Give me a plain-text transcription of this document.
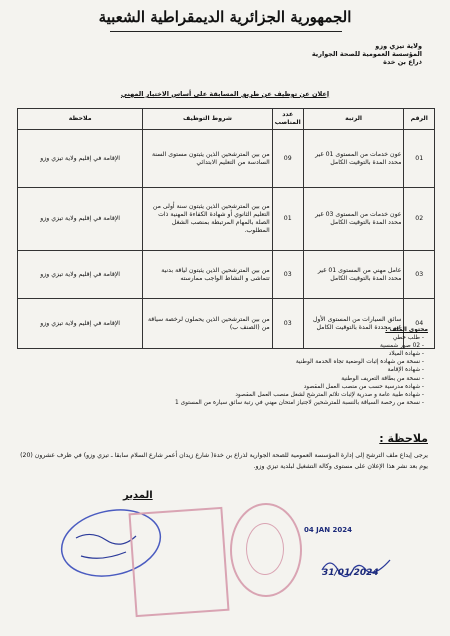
الجمهورية الجزائرية الديمقراطية الشعبية
ولاية تيزي وزو
المؤسسة العمومية للصحة الجوارية
ذراع بن خدة
إعلان عن توظيف عن طريق المسابقة على أساس الاختبار المهني
الرقم	الرتبة	عدد المناصب	شروط التوظيف	ملاحظة
01	عون خدمات من المستوى 01 غير محدد المدة بالتوقيت الكامل	09	من بين المترشحين الذين يثبتون مستوى السنة السادسة من التعليم الابتدائي	الإقامة في إقليم ولاية تيزي وزو
02	عون خدمات من المستوى 03 غير محدد المدة بالتوقيت الكامل	01	من بين المترشحين الذين يثبتون سنة أولى من التعليم الثانوي أو شهادة الكفاءة المهنية ذات الصلة بالمهام المرتبطة بمنصب الشغل المطلوب.	الإقامة في إقليم ولاية تيزي وزو
03	عامل مهني من المستوى 01 غير محدد المدة بالتوقيت الكامل	03	من بين المترشحين الذين يثبتون لياقة بدنية تتماشى و النشاط الواجب ممارسته	الإقامة في إقليم ولاية تيزي وزو
04	سائق السيارات من المستوى الأول غير محددة المدة بالتوقيت الكامل	03	من بين المترشحين الذين يحملون لرخصة سياقة من (الصنف ب)	الإقامة في إقليم ولاية تيزي وزو
محتوى الملف :
- طلب خطي
- 02 صور شمسية
- شهادة الميلاد
- نسخة من شهادة إثبات الوضعية تجاه الخدمة الوطنية
- شهادة الإقامة
- نسخة من بطاقة التعريف الوطنية
- شهادة مدرسية حسب من منصب العمل المقصود
- شهادة طبية عامة و صدرية لإثبات تلائم المترشح لشغل منصب العمل المقصود
- نسخة من رخصة السياقة بالنسبة للمترشحين لاجتياز امتحان مهني في رتبة سائق سيارة من المستوى 1
ملاحظة :
يرجى إيداع ملف الترشح إلى إدارة المؤسسة العمومية للصحة الجوارية لذراع بن خدة( شارع زيدان أعمر شارع السلام سابقا ـ تيزي وزو) في ظرف عشرون (20) يوم بعد نشر هذا الإعلان على مستوى وكالة التشغيل لبلدية تيزي وزو.
المدير
04 JAN 2024
31/01/2024
